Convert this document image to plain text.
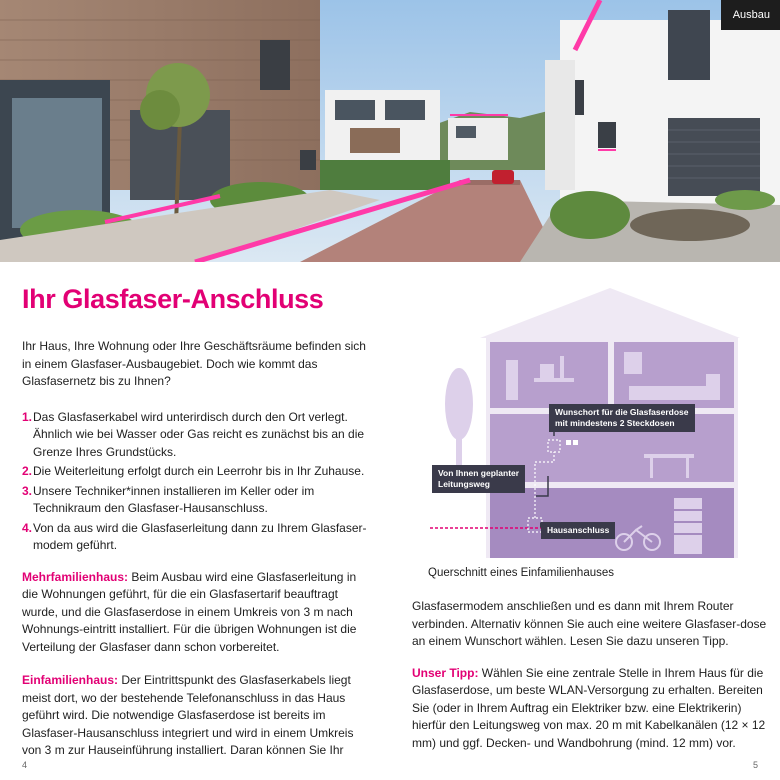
Ausbau
Ihr Glasfaser-Anschluss

Ihr Haus, Ihre Wohnung oder Ihre Geschäftsräume befinden sich in einem Glasfaser-Ausbaugebiet. Doch wie kommt das Glasfasernetz bis zu Ihnen?

1. Das Glasfaserkabel wird unterirdisch durch den Ort verlegt. Ähnlich wie bei Wasser oder Gas reicht es zunächst bis an die Grenze Ihres Grundstücks.
2. Die Weiterleitung erfolgt durch ein Leerrohr bis in Ihr Zuhause.
3. Unsere Techniker*innen installieren im Keller oder im Technikraum den Glasfaser-Hausanschluss.
4. Von da aus wird die Glasfaserleitung dann zu Ihrem Glasfaser-modem geführt.

Mehrfamilienhaus: Beim Ausbau wird eine Glasfaserleitung in die Wohnungen geführt, für die ein Glasfasertarif beauftragt wurde, und die Glasfaserdose in einem Umkreis von 3 m nach Wohnungs-eintritt installiert. Für die übrigen Wohnungen ist die Verteilung der Glasfaser dann schon vorbereitet.

Einfamilienhaus: Der Eintrittspunkt des Glasfaserkabels liegt meist dort, wo der bestehende Telefonanschluss in das Haus geführt wird. Die notwendige Glasfaserdose ist bereits im Glasfaser-Hausanschluss integriert und wird in einem Umkreis von 3 m zur Hauseinführung installiert. Daran können Sie Ihr

Wunschort für die Glasfaserdose
mit mindestens 2 Steckdosen
Von Ihnen geplanter
Leitungsweg
Hausanschluss
Querschnitt eines Einfamilienhauses

Glasfasermodem anschließen und es dann mit Ihrem Router verbinden. Alternativ können Sie auch eine weitere Glasfaser-dose an einem Wunschort wählen. Lesen Sie dazu unseren Tipp.

Unser Tipp: Wählen Sie eine zentrale Stelle in Ihrem Haus für die Glasfaserdose, um beste WLAN-Versorgung zu erhalten. Bereiten Sie (oder in Ihrem Auftrag ein Elektriker bzw. eine Elektrikerin) hierfür den Leitungsweg von max. 20 m mit Kabelkanälen (12 × 12 mm) und ggf. Decken- und Wandbohrung (mind. 12 mm) vor.

4	5
